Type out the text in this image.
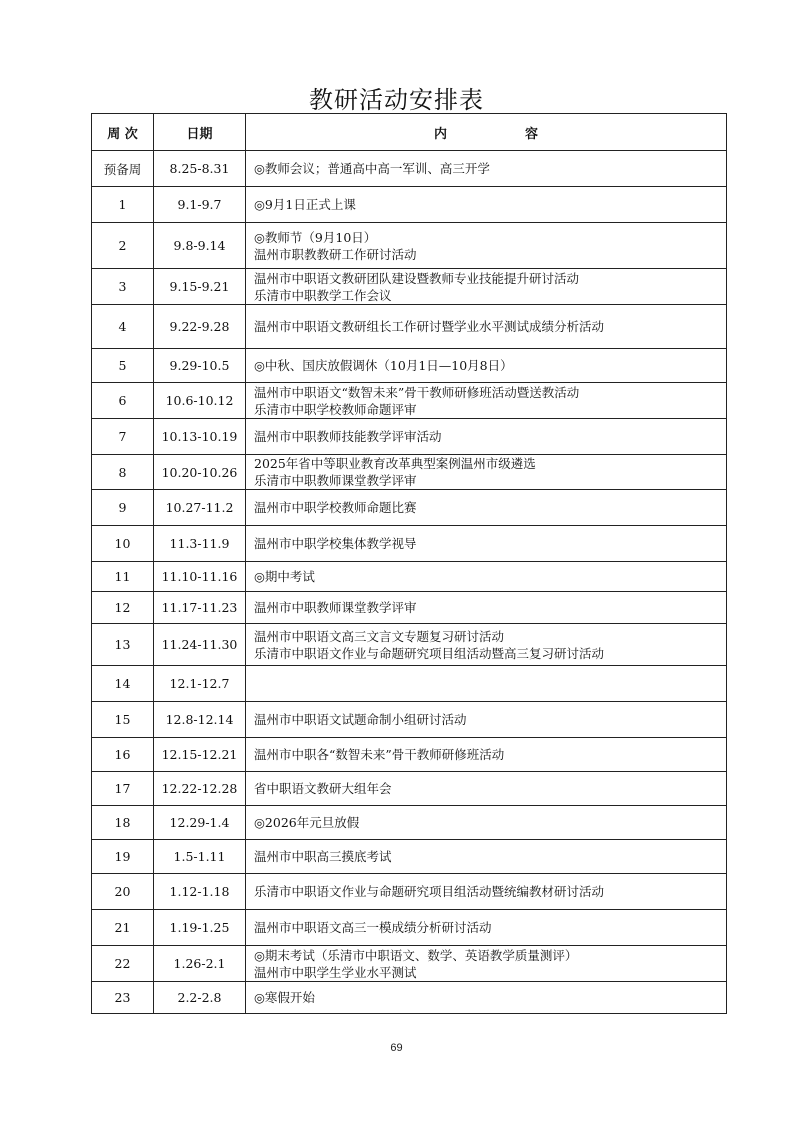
教研活动安排表
周 次	日期	内　　　　　　容
预备周	8.25-8.31	◎教师会议；普通高中高一军训、高三开学

1	9.1-9.7	◎9月1日正式上课

2	9.8-9.14	◎教师节（9月10日）
温州市职教教研工作研讨活动

3	9.15-9.21	温州市中职语文教研团队建设暨教师专业技能提升研讨活动
乐清市中职教学工作会议

4	9.22-9.28	温州市中职语文教研组长工作研讨暨学业水平测试成绩分析活动

5	9.29-10.5	◎中秋、国庆放假调休（10月1日—10月8日）

6	10.6-10.12	温州市中职语文“数智未来”骨干教师研修班活动暨送教活动
乐清市中职学校教师命题评审

7	10.13-10.19	温州市中职教师技能教学评审活动

8	10.20-10.26	2025年省中等职业教育改革典型案例温州市级遴选
乐清市中职教师课堂教学评审

9	10.27-11.2	温州市中职学校教师命题比赛

10	11.3-11.9	温州市中职学校集体教学视导

11	11.10-11.16	◎期中考试

12	11.17-11.23	温州市中职教师课堂教学评审

13	11.24-11.30	温州市中职语文高三文言文专题复习研讨活动
乐清市中职语文作业与命题研究项目组活动暨高三复习研讨活动

14	12.1-12.7	
15	12.8-12.14	温州市中职语文试题命制小组研讨活动

16	12.15-12.21	温州市中职各“数智未来”骨干教师研修班活动

17	12.22-12.28	省中职语文教研大组年会

18	12.29-1.4	◎2026年元旦放假

19	1.5-1.11	温州市中职高三摸底考试

20	1.12-1.18	乐清市中职语文作业与命题研究项目组活动暨统编教材研讨活动

21	1.19-1.25	温州市中职语文高三一模成绩分析研讨活动

22	1.26-2.1	◎期末考试（乐清市中职语文、数学、英语教学质量测评）
温州市中职学生学业水平测试

23	2.2-2.8	◎寒假开始
69
